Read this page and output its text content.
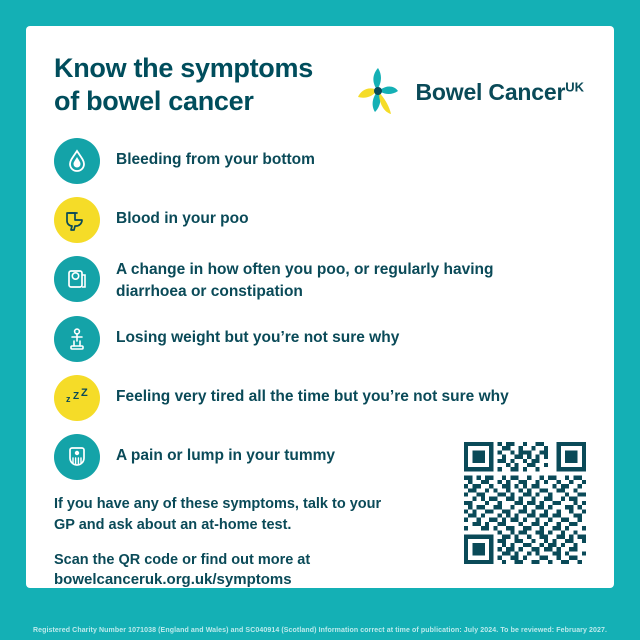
Know the symptoms
of bowel cancer	Bowel Cancer$^{UK}$
Bleeding from your bottom
Blood in your poo
A change in how often you poo, or regularly having diarrhoea or constipation
Losing weight but you’re not sure why
z Z Z Feeling very tired all the time but you’re not sure why
A pain or lump in your tummy

If you have any of these symptoms, talk to your GP and ask about an at-home test.

Scan the QR code or find out more at

bowelcanceruk.org.uk/symptoms
Registered Charity Number 1071038 (England and Wales) and SC040914 (Scotland) Information correct at time of publication: July 2024. To be reviewed: February 2027.
